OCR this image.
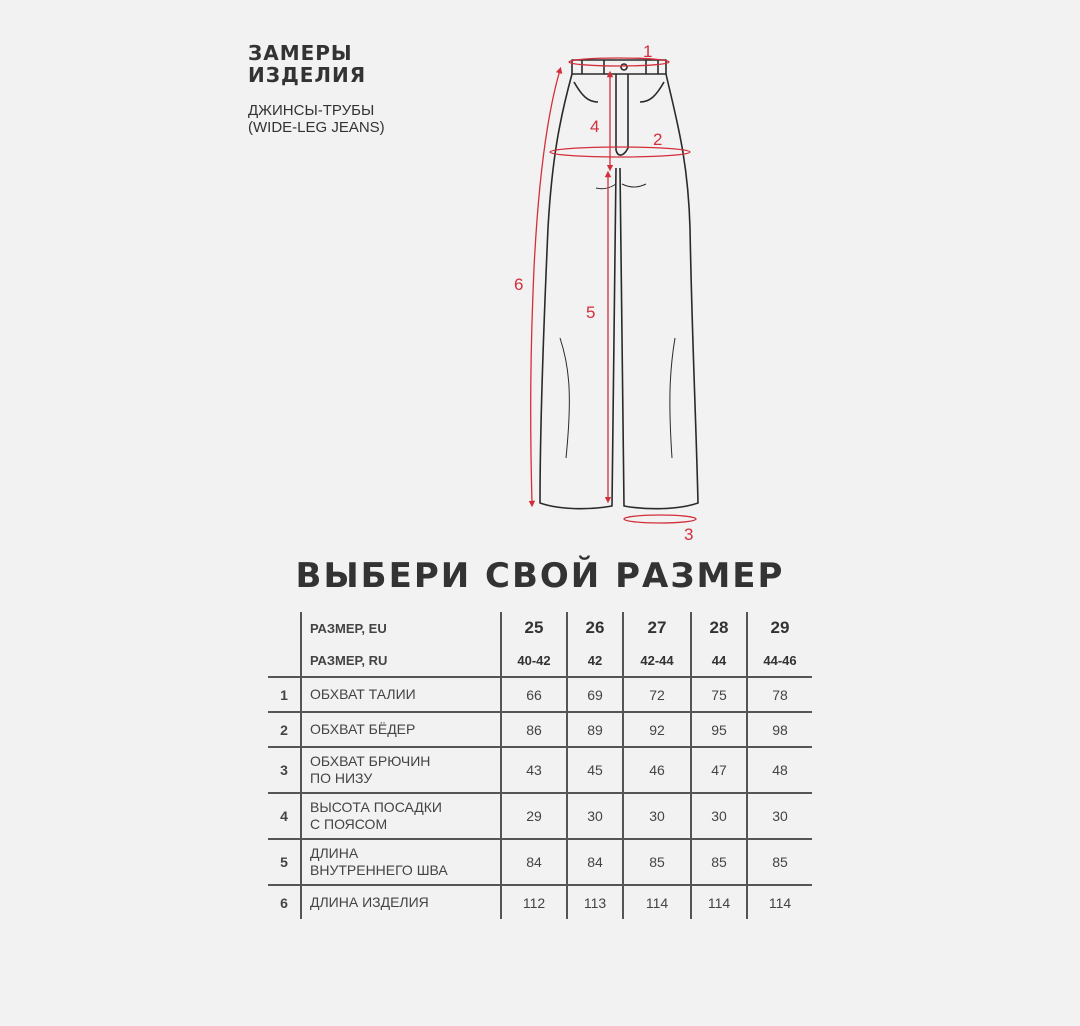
ЗАМЕРЫ
ИЗДЕЛИЯ
ДЖИНСЫ-ТРУБЫ
(WIDE-LEG JEANS)
1
2
3
4
5
6
ВЫБЕРИ СВОЙ РАЗМЕР
	РАЗМЕР, EU	25	26	27	28	29
	РАЗМЕР, RU	40-42	42	42-44	44	44-46
1	ОБХВАТ ТАЛИИ	66	69	72	75	78
2	ОБХВАТ БЁДЕР	86	89	92	95	98
3	ОБХВАТ БРЮЧИН
ПО НИЗУ	43	45	46	47	48
4	ВЫСОТА ПОСАДКИ
С ПОЯСОМ	29	30	30	30	30
5	ДЛИНА
ВНУТРЕННЕГО ШВА	84	84	85	85	85
6	ДЛИНА ИЗДЕЛИЯ	112	113	114	114	114
